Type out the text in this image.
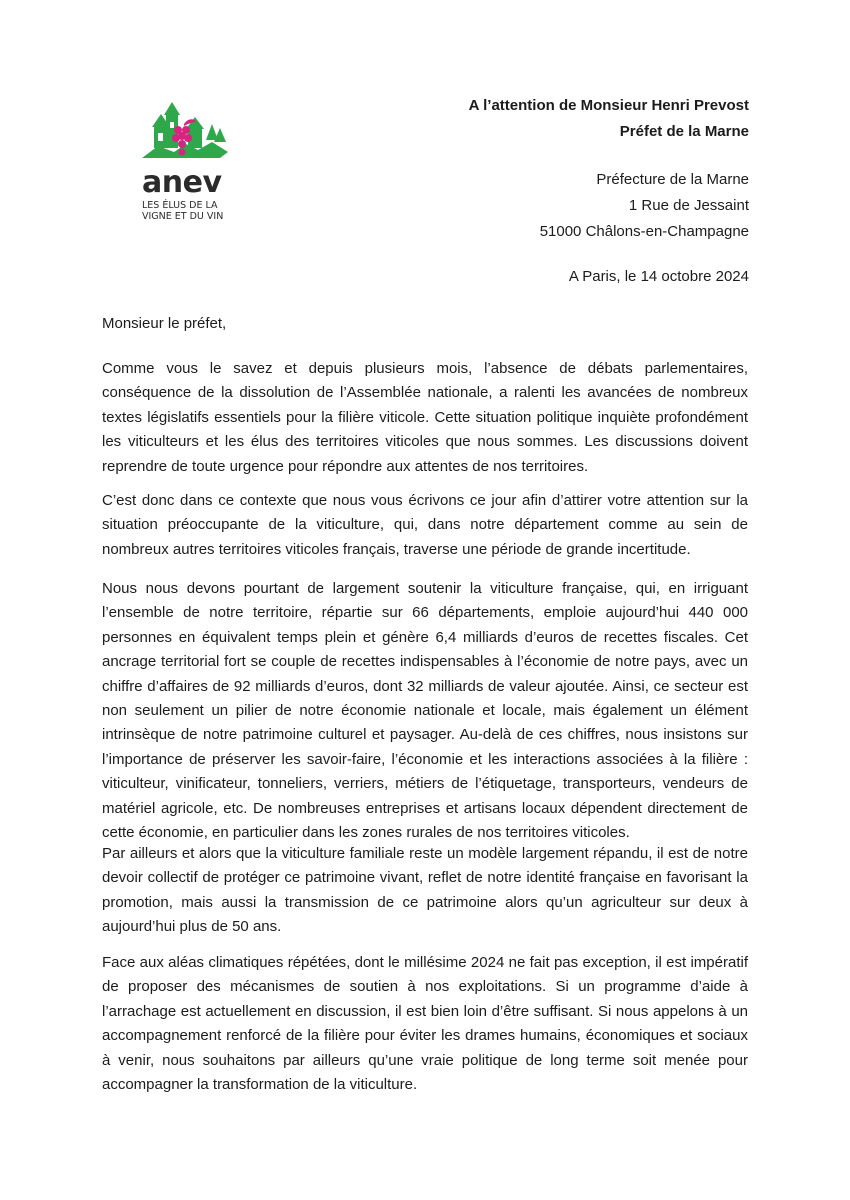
anev
LES ÉLUS DE LA
VIGNE ET DU VIN
A l’attention de Monsieur Henri Prevost
Préfet de la Marne
Préfecture de la Marne
1 Rue de Jessaint
51000 Châlons-en-Champagne
A Paris, le 14 octobre 2024
Monsieur le préfet,
Comme vous le savez et depuis plusieurs mois, l’absence de débats parlementaires, conséquence de la dissolution de l’Assemblée nationale, a ralenti les avancées de nombreux textes législatifs essentiels pour la filière viticole. Cette situation politique inquiète profondément les viticulteurs et les élus des territoires viticoles que nous sommes. Les discussions doivent reprendre de toute urgence pour répondre aux attentes de nos territoires.
C’est donc dans ce contexte que nous vous écrivons ce jour afin d’attirer votre attention sur la situation préoccupante de la viticulture, qui, dans notre département comme au sein de nombreux autres territoires viticoles français, traverse une période de grande incertitude.
Nous nous devons pourtant de largement soutenir la viticulture française, qui, en irriguant l’ensemble de notre territoire, répartie sur 66 départements, emploie aujourd’hui 440 000 personnes en équivalent temps plein et génère 6,4 milliards d’euros de recettes fiscales. Cet ancrage territorial fort se couple de recettes indispensables à l’économie de notre pays, avec un chiffre d’affaires de 92 milliards d’euros, dont 32 milliards de valeur ajoutée. Ainsi, ce secteur est non seulement un pilier de notre économie nationale et locale, mais également un élément intrinsèque de notre patrimoine culturel et paysager. Au-delà de ces chiffres, nous insistons sur l’importance de préserver les savoir-faire, l’économie et les interactions associées à la filière : viticulteur, vinificateur, tonneliers, verriers, métiers de l’étiquetage, transporteurs, vendeurs de matériel agricole, etc. De nombreuses entreprises et artisans locaux dépendent directement de cette économie, en particulier dans les zones rurales de nos territoires viticoles.
Par ailleurs et alors que la viticulture familiale reste un modèle largement répandu, il est de notre devoir collectif de protéger ce patrimoine vivant, reflet de notre identité française en favorisant la promotion, mais aussi la transmission de ce patrimoine alors qu’un agriculteur sur deux à aujourd’hui plus de 50 ans.
Face aux aléas climatiques répétées, dont le millésime 2024 ne fait pas exception, il est impératif de proposer des mécanismes de soutien à nos exploitations. Si un programme d’aide à l’arrachage est actuellement en discussion, il est bien loin d’être suffisant. Si nous appelons à un accompagnement renforcé de la filière pour éviter les drames humains, économiques et sociaux à venir, nous souhaitons par ailleurs qu’une vraie politique de long terme soit menée pour accompagner la transformation de la viticulture.
